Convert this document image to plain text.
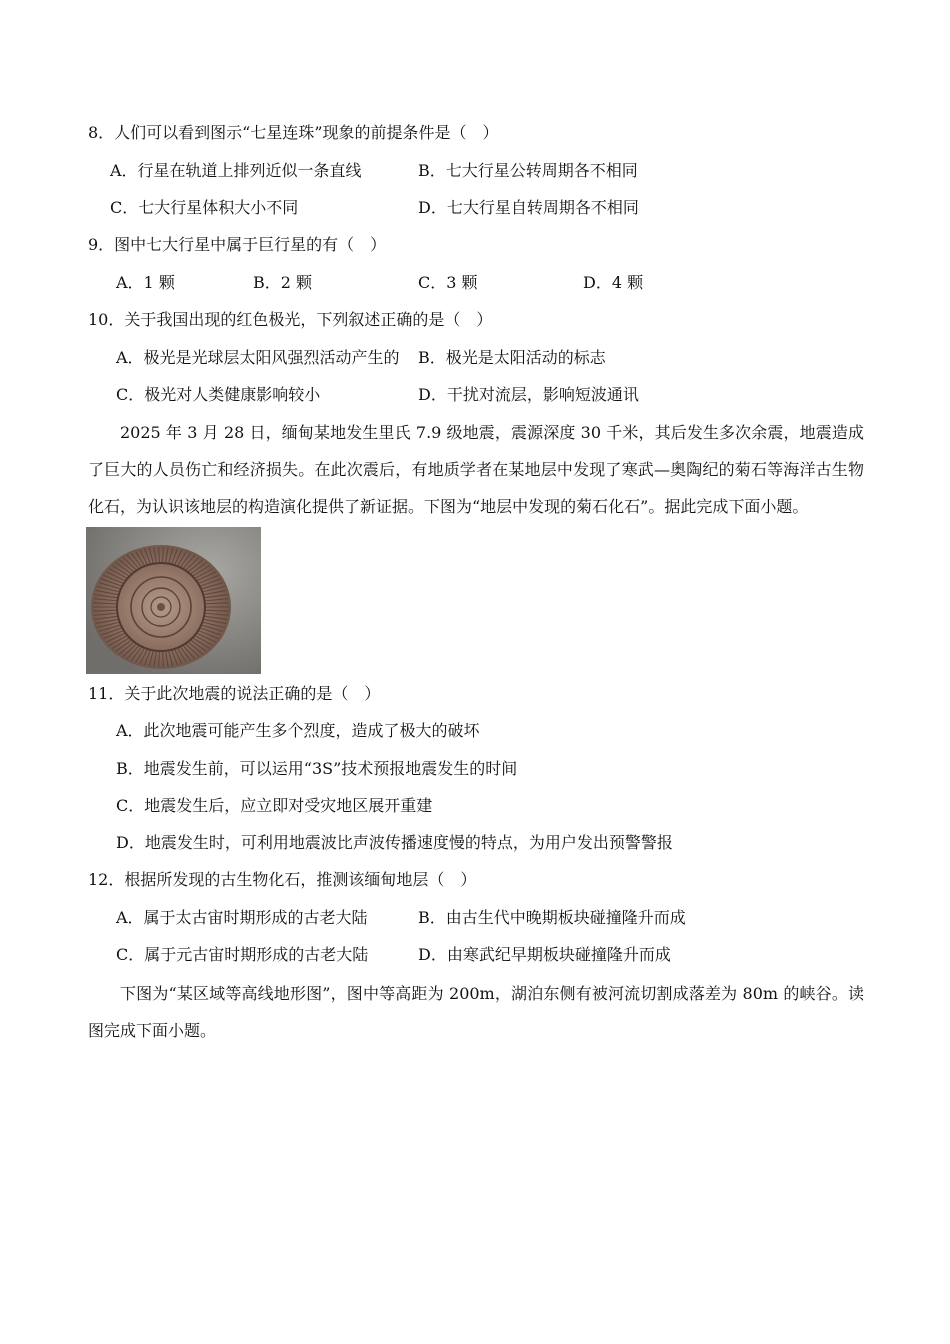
8．人们可以看到图示“七星连珠”现象的前提条件是（　）
A．行星在轨道上排列近似一条直线	B．七大行星公转周期各不相同
C．七大行星体积大小不同	D．七大行星自转周期各不相同
9．图中七大行星中属于巨行星的有（　）
A．1 颗	B．2 颗	C．3 颗	D．4 颗
10．关于我国出现的红色极光，下列叙述正确的是（　）
A．极光是光球层太阳风强烈活动产生的 B．极光是太阳活动的标志
C．极光对人类健康影响较小	D．干扰对流层，影响短波通讯
2025 年 3 月 28 日，缅甸某地发生里氏 7.9 级地震，震源深度 30 千米，其后发生多次余震，地震造成了巨大的人员伤亡和经济损失。在此次震后，有地质学者在某地层中发现了寒武—奥陶纪的菊石等海洋古生物化石，为认识该地层的构造演化提供了新证据。下图为“地层中发现的菊石化石”。据此完成下面小题。
11．关于此次地震的说法正确的是（　）
A．此次地震可能产生多个烈度，造成了极大的破坏
B．地震发生前，可以运用“3S”技术预报地震发生的时间
C．地震发生后，应立即对受灾地区展开重建
D．地震发生时，可利用地震波比声波传播速度慢的特点，为用户发出预警警报
12．根据所发现的古生物化石，推测该缅甸地层（　）
A．属于太古宙时期形成的古老大陆	B．由古生代中晚期板块碰撞隆升而成
C．属于元古宙时期形成的古老大陆	D．由寒武纪早期板块碰撞隆升而成
下图为“某区域等高线地形图”，图中等高距为 200m，湖泊东侧有被河流切割成落差为 80m 的峡谷。读图完成下面小题。
